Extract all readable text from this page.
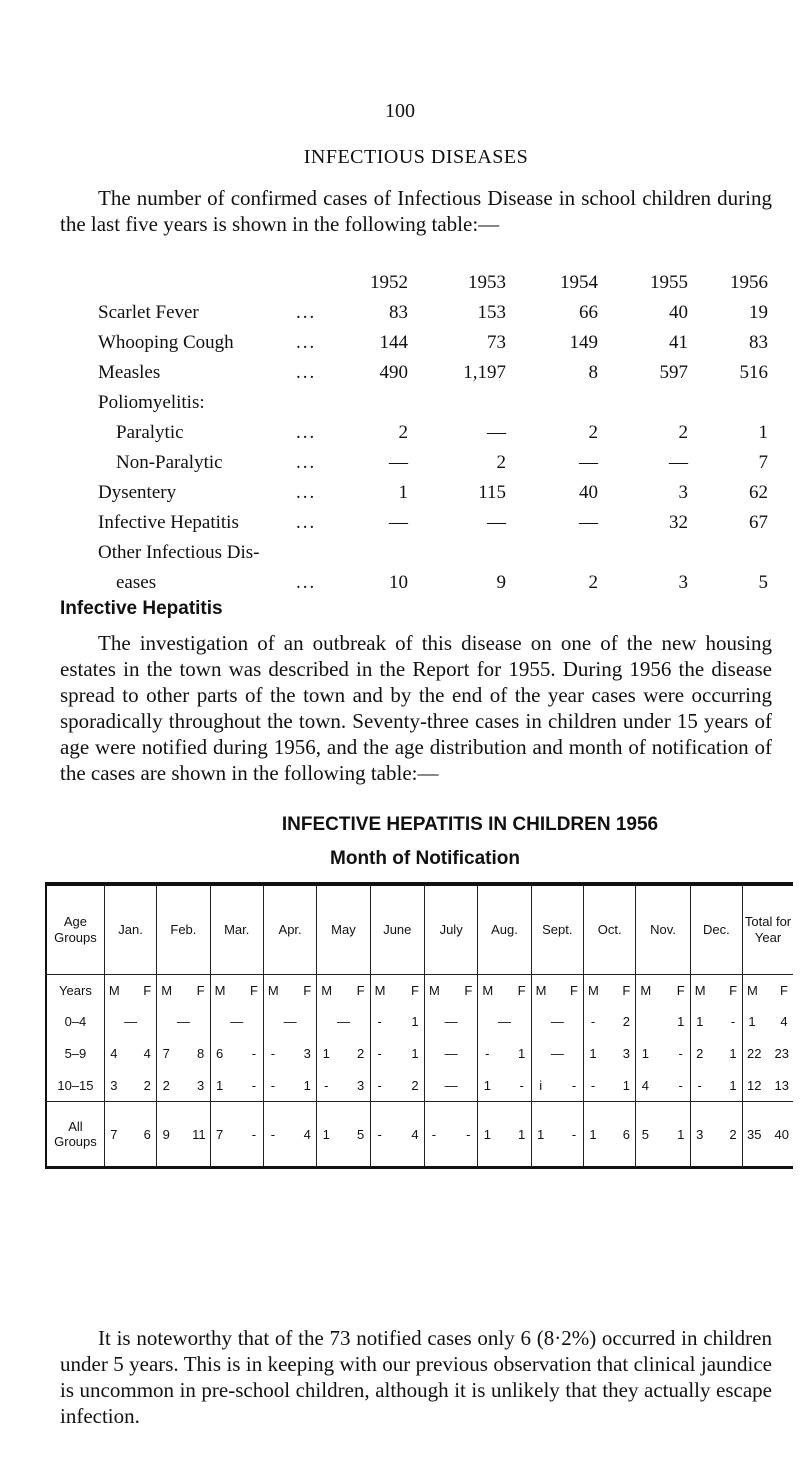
100
INFECTIOUS DISEASES
The number of confirmed cases of Infectious Disease in school children during the last five years is shown in the following table:—
1952	1953	1954	1955	1956
Scarlet Fever	...	83	153	66	40	19
Whooping Cough	...	144	73	149	41	83
Measles	...	490	1,197	8	597	516
Poliomyelitis:
Paralytic	...	2	—	2	2	1
Non-Paralytic	...	—	2	—	—	7
Dysentery	...	1	115	40	3	62
Infective Hepatitis	...	—	—	—	32	67
Other Infectious Dis-
eases	...	10	9	2	3	5
Infective Hepatitis
The investigation of an outbreak of this disease on one of the new housing estates in the town was described in the Report for 1955. During 1956 the disease spread to other parts of the town and by the end of the year cases were occurring sporadically throughout the town. Seventy-three cases in children under 15 years of age were notified during 1956, and the age distribution and month of notification of the cases are shown in the following table:—
INFECTIVE HEPATITIS IN CHILDREN 1956
Month of Notification
Age Groups	Jan.	Feb.	Mar.	Apr.	May	June	July	Aug.	Sept.	Oct.	Nov.	Dec.	Total for Year
Years	M F	M F	M F	M F	M F	M F	M F	M F	M F	M F	M F	M F	M F

0–4	—	—	—	—	—	- 1	—	—	—	- 2	1	1 -	1 4

5–9	4 4	7 8	6 -	- 3	1 2	- 1	—	- 1	—	1 3	1 -	2 1	22 23

10–15	3 2	2 3	1 -	- 1	- 3	- 2	—	1 -	i -	- 1	4 -	- 1	12 13

All Groups	7 6	9 11	7 -	- 4	1 5	- 4	- -	1 1	1 -	1 6	5 1	3 2	35 40
It is noteworthy that of the 73 notified cases only 6 (8·2%) occurred in children under 5 years. This is in keeping with our previous observation that clinical jaundice is uncommon in pre-school children, although it is unlikely that they actually escape infection.
